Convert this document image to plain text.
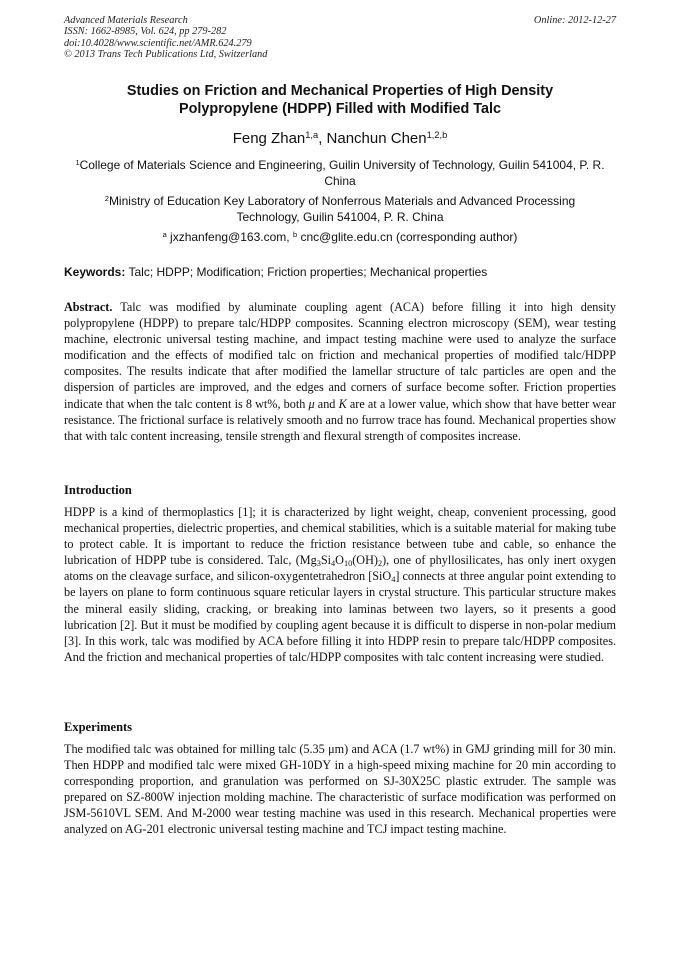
Advanced Materials Research
ISSN: 1662-8985, Vol. 624, pp 279-282
doi:10.4028/www.scientific.net/AMR.624.279
© 2013 Trans Tech Publications Ltd, Switzerland
Online: 2012-12-27
Studies on Friction and Mechanical Properties of High Density
Polypropylene (HDPP) Filled with Modified Talc
Feng Zhan$^{1,a}$, Nanchun Chen$^{1,2,b}$
$^1$College of Materials Science and Engineering, Guilin University of Technology, Guilin 541004, P. R. China
$^2$Ministry of Education Key Laboratory of Nonferrous Materials and Advanced Processing Technology, Guilin 541004, P. R. China
$^a$ jxzhanfeng@163.com, $^b$ cnc@glite.edu.cn (corresponding author)
Keywords: Talc; HDPP; Modification; Friction properties; Mechanical properties
Abstract. Talc was modified by aluminate coupling agent (ACA) before filling it into high density polypropylene (HDPP) to prepare talc/HDPP composites. Scanning electron microscopy (SEM), wear testing machine, electronic universal testing machine, and impact testing machine were used to analyze the surface modification and the effects of modified talc on friction and mechanical properties of modified talc/HDPP composites. The results indicate that after modified the lamellar structure of talc particles are open and the dispersion of particles are improved, and the edges and corners of surface become softer. Friction properties indicate that when the talc content is 8 wt%, both μ and K are at a lower value, which show that have better wear resistance. The frictional surface is relatively smooth and no furrow trace has found. Mechanical properties show that with talc content increasing, tensile strength and flexural strength of composites increase.
Introduction
HDPP is a kind of thermoplastics [1]; it is characterized by light weight, cheap, convenient processing, good mechanical properties, dielectric properties, and chemical stabilities, which is a suitable material for making tube to protect cable. It is important to reduce the friction resistance between tube and cable, so enhance the lubrication of HDPP tube is considered. Talc, $(Mg_3Si_4O_{10}(OH)_2)$, one of phyllosilicates, has only inert oxygen atoms on the cleavage surface, and silicon-oxygentetrahedron [SiO$_4$] connects at three angular point extending to be layers on plane to form continuous square reticular layers in crystal structure. This particular structure makes the mineral easily sliding, cracking, or breaking into laminas between two layers, so it presents a good lubrication [2]. But it must be modified by coupling agent because it is difficult to disperse in non-polar medium [3]. In this work, talc was modified by ACA before filling it into HDPP resin to prepare talc/HDPP composites. And the friction and mechanical properties of talc/HDPP composites with talc content increasing were studied.
Experiments
The modified talc was obtained for milling talc (5.35 μm) and ACA (1.7 wt%) in GMJ grinding mill for 30 min. Then HDPP and modified talc were mixed GH-10DY in a high-speed mixing machine for 20 min according to corresponding proportion, and granulation was performed on SJ-30X25C plastic extruder. The sample was prepared on SZ-800W injection molding machine. The characteristic of surface modification was performed on JSM-5610VL SEM. And M-2000 wear testing machine was used in this research. Mechanical properties were analyzed on AG-201 electronic universal testing machine and TCJ impact testing machine.
